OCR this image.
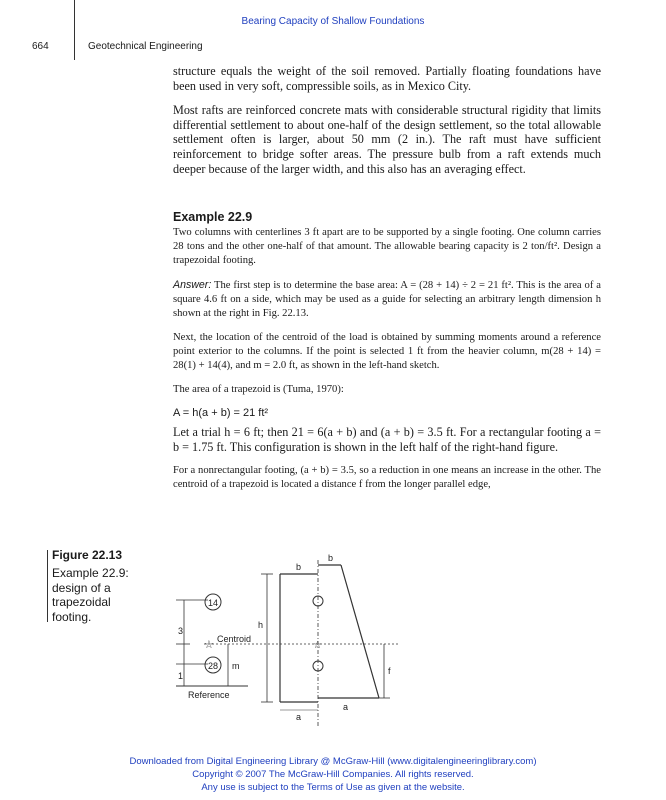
Bearing Capacity of Shallow Foundations
664	Geotechnical Engineering

structure equals the weight of the soil removed. Partially floating foundations have been used in very soft, compressible soils, as in Mexico City.

Most rafts are reinforced concrete mats with considerable structural rigidity that limits differential settlement to about one-half of the design settlement, so the total allowable settlement often is larger, about 50 mm (2 in.). The raft must have sufficient reinforcement to bridge softer areas. The pressure bulb from a raft extends much deeper because of the larger width, and this also has an averaging effect.

Example 22.9

Two columns with centerlines 3 ft apart are to be supported by a single footing. One column carries 28 tons and the other one-half of that amount. The allowable bearing capacity is 2 ton/ft². Design a trapezoidal footing.

Answer: The first step is to determine the base area: A = (28 + 14) ÷ 2 = 21 ft². This is the area of a square 4.6 ft on a side, which may be used as a guide for selecting an arbitrary length dimension h shown at the right in Fig. 22.13.

Next, the location of the centroid of the load is obtained by summing moments around a reference point exterior to the columns. If the point is selected 1 ft from the heavier column, m(28 + 14) = 28(1) + 14(4), and m = 2.0 ft, as shown in the left-hand sketch.

The area of a trapezoid is (Tuma, 1970):

A = h(a + b) = 21 ft²

Let a trial h = 6 ft; then 21 = 6(a + b) and (a + b) = 3.5 ft. For a rectangular footing a = b = 1.75 ft. This configuration is shown in the left half of the right-hand figure.

For a nonrectangular footing, (a + b) = 3.5, so a reduction in one means an increase in the other. The centroid of a trapezoid is located a distance f from the longer parallel edge,

Figure 22.13
Example 22.9: design of a trapezoidal footing.
☆	☆
14
28
Centroid
m
3
1
Reference
h
b
b
f
a
a
Downloaded from Digital Engineering Library @ McGraw-Hill (www.digitalengineeringlibrary.com)
Copyright © 2007 The McGraw-Hill Companies. All rights reserved.
Any use is subject to the Terms of Use as given at the website.
